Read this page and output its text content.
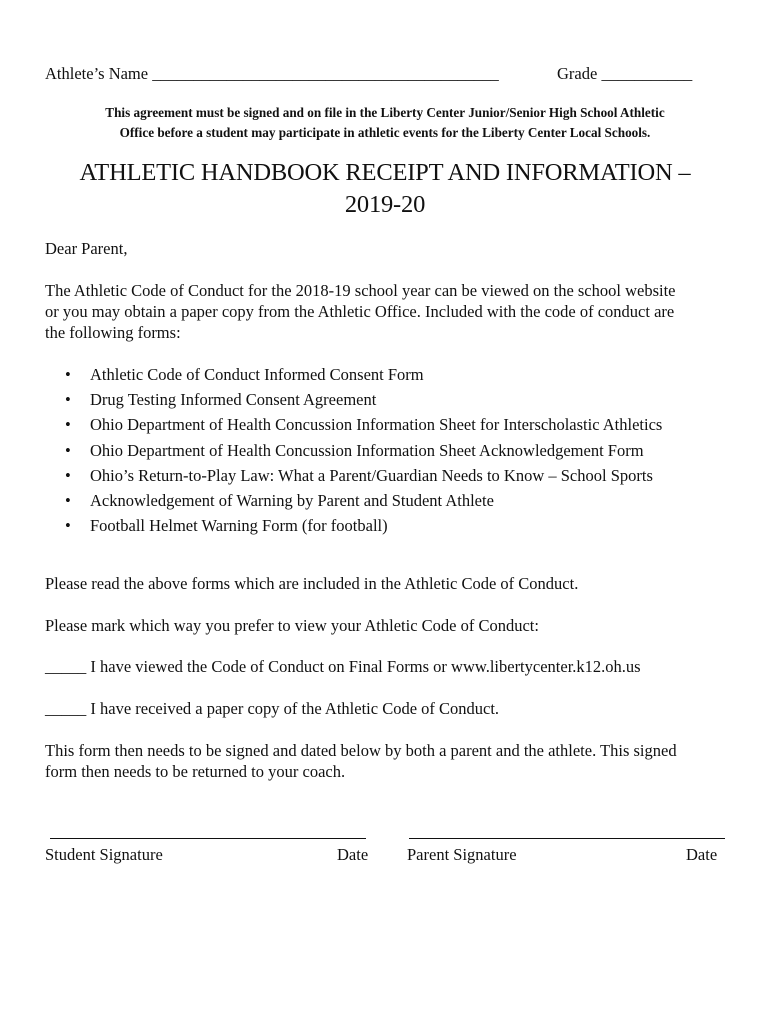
Athlete’s Name __________________________________________	Grade ___________
This agreement must be signed and on file in the Liberty Center Junior/Senior High School Athletic
Office before a student may participate in athletic events for the Liberty Center Local Schools.
ATHLETIC HANDBOOK RECEIPT AND INFORMATION –
2019-20
Dear Parent,
The Athletic Code of Conduct for the 2018-19 school year can be viewed on the school website
or you may obtain a paper copy from the Athletic Office. Included with the code of conduct are
the following forms:
• Athletic Code of Conduct Informed Consent Form
• Drug Testing Informed Consent Agreement
• Ohio Department of Health Concussion Information Sheet for Interscholastic Athletics
• Ohio Department of Health Concussion Information Sheet Acknowledgement Form
• Ohio’s Return-to-Play Law: What a Parent/Guardian Needs to Know – School Sports
• Acknowledgement of Warning by Parent and Student Athlete
• Football Helmet Warning Form (for football)
Please read the above forms which are included in the Athletic Code of Conduct.
Please mark which way you prefer to view your Athletic Code of Conduct:
_____ I have viewed the Code of Conduct on Final Forms or www.libertycenter.k12.oh.us
_____ I have received a paper copy of the Athletic Code of Conduct.
This form then needs to be signed and dated below by both a parent and the athlete. This signed
form then needs to be returned to your coach.
Student Signature	Date Parent Signature	Date
